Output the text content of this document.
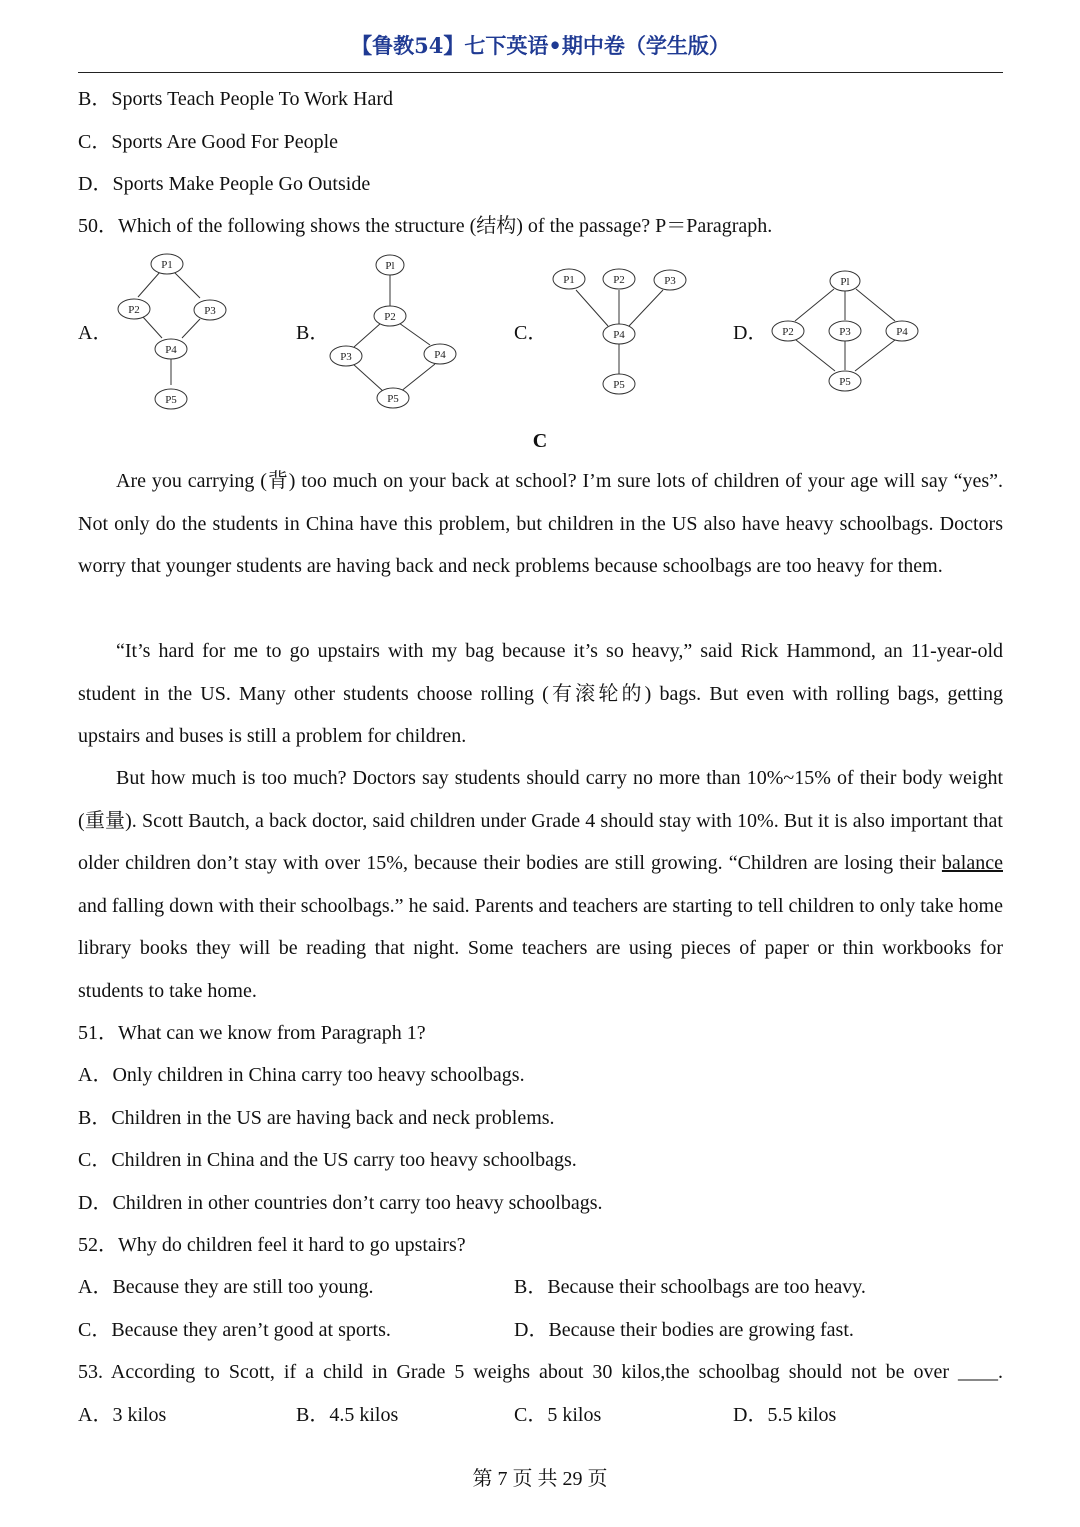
【鲁教54】七下英语•期中卷（学生版）
B．Sports Teach People To Work Hard
C．Sports Are Good For People
D．Sports Make People Go Outside
50．Which of the following shows the structure (结构) of the passage? P＝Paragraph.
A．	B．	C．	D．
P1
P2	P3
P4
P5
Pl
P2
P3	P4
P5
P1	P2	P3
P4
P5
Pl
P2	P3	P4
P5
C

Are you carrying (背) too much on your back at school? I’m sure lots of children of your age will say “yes”. Not only do the students in China have this problem, but children in the US also have heavy schoolbags. Doctors worry that younger students are having back and neck problems because schoolbags are too heavy for them.

“It’s hard for me to go upstairs with my bag because it’s so heavy,” said Rick Hammond, an 11-year-old student in the US. Many other students choose rolling (有滚轮的) bags. But even with rolling bags, getting upstairs and buses is still a problem for children.

But how much is too much? Doctors say students should carry no more than 10%~15% of their body weight (重量). Scott Bautch, a back doctor, said children under Grade 4 should stay with 10%. But it is also important that older children don’t stay with over 15%, because their bodies are still growing. “Children are losing their balance and falling down with their schoolbags.” he said. Parents and teachers are starting to tell children to only take home library books they will be reading that night. Some teachers are using pieces of paper or thin workbooks for students to take home.

51．What can we know from Paragraph 1?
A．Only children in China carry too heavy schoolbags.
B．Children in the US are having back and neck problems.
C．Children in China and the US carry too heavy schoolbags.
D．Children in other countries don’t carry too heavy schoolbags.
52．Why do children feel it hard to go upstairs?
A．Because they are still too young.	B．Because their schoolbags are too heavy.
C．Because they aren’t good at sports.	D．Because their bodies are growing fast.
53. According to Scott, if a child in Grade 5 weighs about 30 kilos,the schoolbag should not be over ____.
A．3 kilos	B．4.5 kilos	C．5 kilos	D．5.5 kilos
第 7 页 共 29 页
